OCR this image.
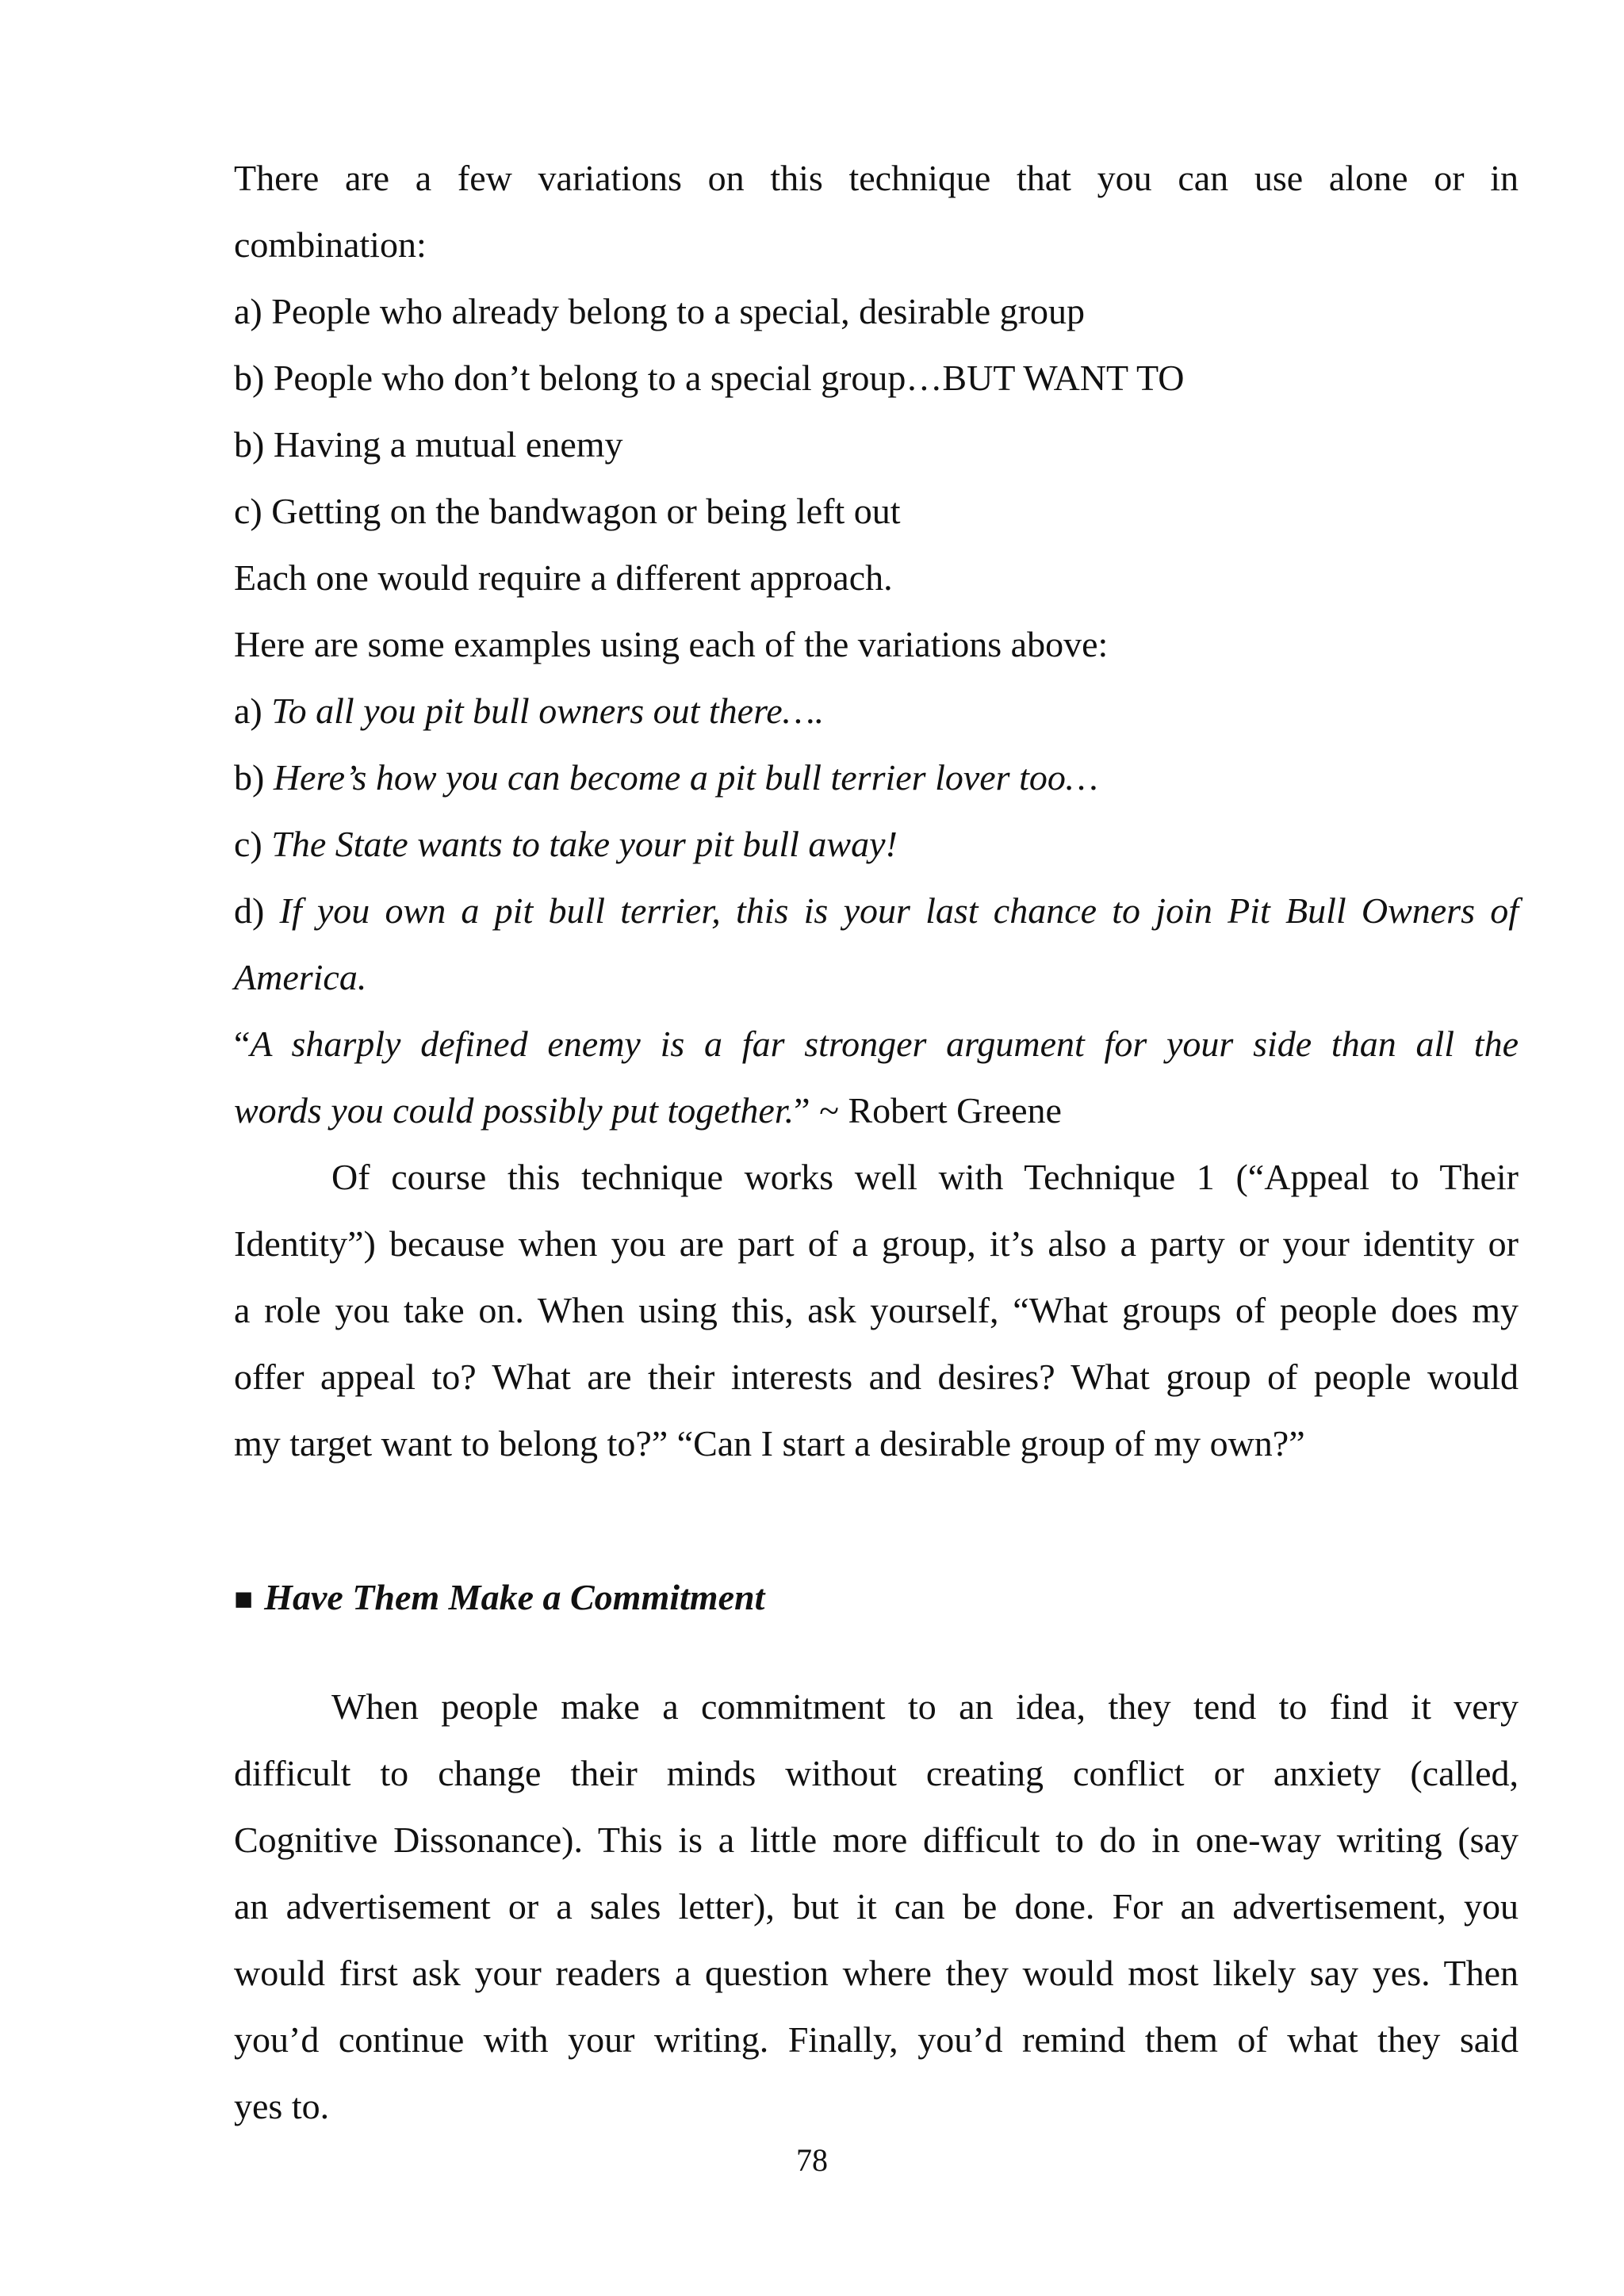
There are a few variations on this technique that you can use alone or in
combination:
a) People who already belong to a special, desirable group
b) People who don’t belong to a special group…BUT WANT TO
b) Having a mutual enemy
c) Getting on the bandwagon or being left out
Each one would require a different approach.
Here are some examples using each of the variations above:
a) To all you pit bull owners out there….
b) Here’s how you can become a pit bull terrier lover too…
c) The State wants to take your pit bull away!
d) If you own a pit bull terrier, this is your last chance to join Pit Bull Owners of
America.
“A sharply defined enemy is a far stronger argument for your side than all the
words you could possibly put together.” ~ Robert Greene
Of course this technique works well with Technique 1 (“Appeal to Their
Identity”) because when you are part of a group, it’s also a party or your identity or
a role you take on. When using this, ask yourself, “What groups of people does my
offer appeal to? What are their interests and desires? What group of people would
my target want to belong to?” “Can I start a desirable group of my own?”
■ Have Them Make a Commitment
When people make a commitment to an idea, they tend to find it very
difficult to change their minds without creating conflict or anxiety (called,
Cognitive Dissonance). This is a little more difficult to do in one-way writing (say
an advertisement or a sales letter), but it can be done. For an advertisement, you
would first ask your readers a question where they would most likely say yes. Then
you’d continue with your writing. Finally, you’d remind them of what they said
yes to.
78
